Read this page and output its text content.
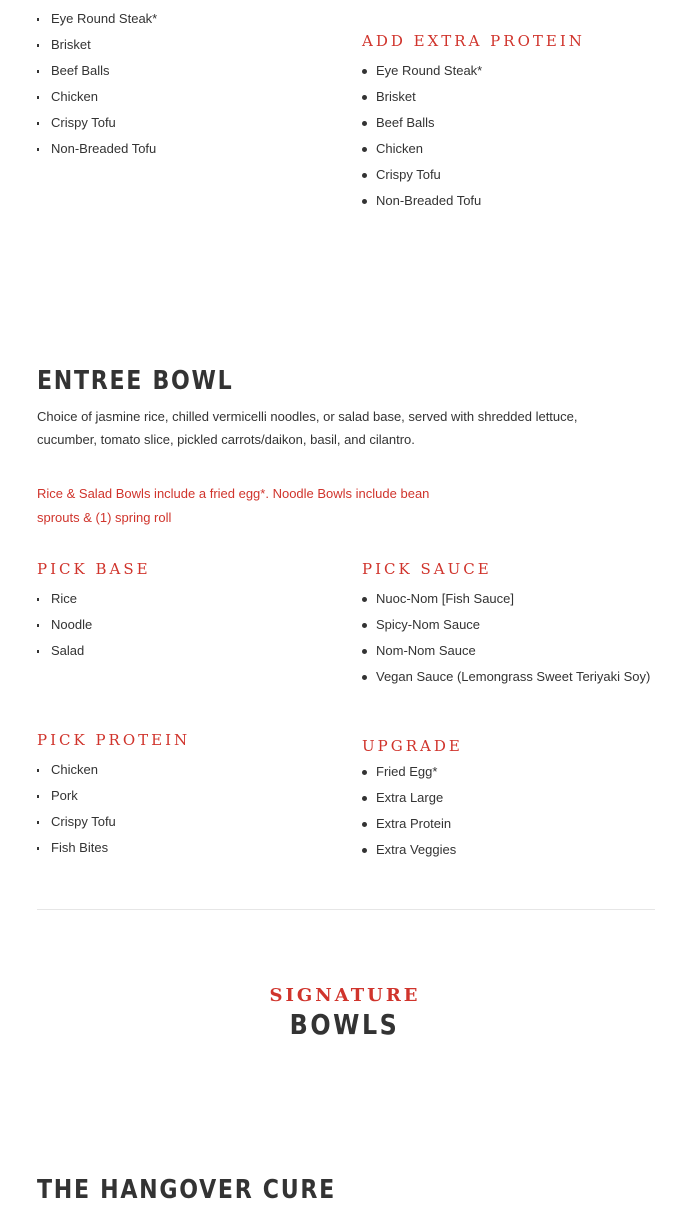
Eye Round Steak*
Brisket
Beef Balls
Chicken
Crispy Tofu
Non-Breaded Tofu
ADD EXTRA PROTEIN
Eye Round Steak*
Brisket
Beef Balls
Chicken
Crispy Tofu
Non-Breaded Tofu
ENTREE BOWL

Choice of jasmine rice, chilled vermicelli noodles, or salad base, served with shredded lettuce, cucumber, tomato slice, pickled carrots/daikon, basil, and cilantro.

Rice & Salad Bowls include a fried egg*. Noodle Bowls include bean sprouts & (1) spring roll

PICK BASE
Rice
Noodle
Salad
PICK SAUCE
Nuoc-Nom [Fish Sauce]
Spicy-Nom Sauce
Nom-Nom Sauce
Vegan Sauce (Lemongrass Sweet Teriyaki Soy)
PICK PROTEIN
Chicken
Pork
Crispy Tofu
Fish Bites
UPGRADE
Fried Egg*
Extra Large
Extra Protein
Extra Veggies
SIGNATURE
BOWLS
THE HANGOVER CURE
